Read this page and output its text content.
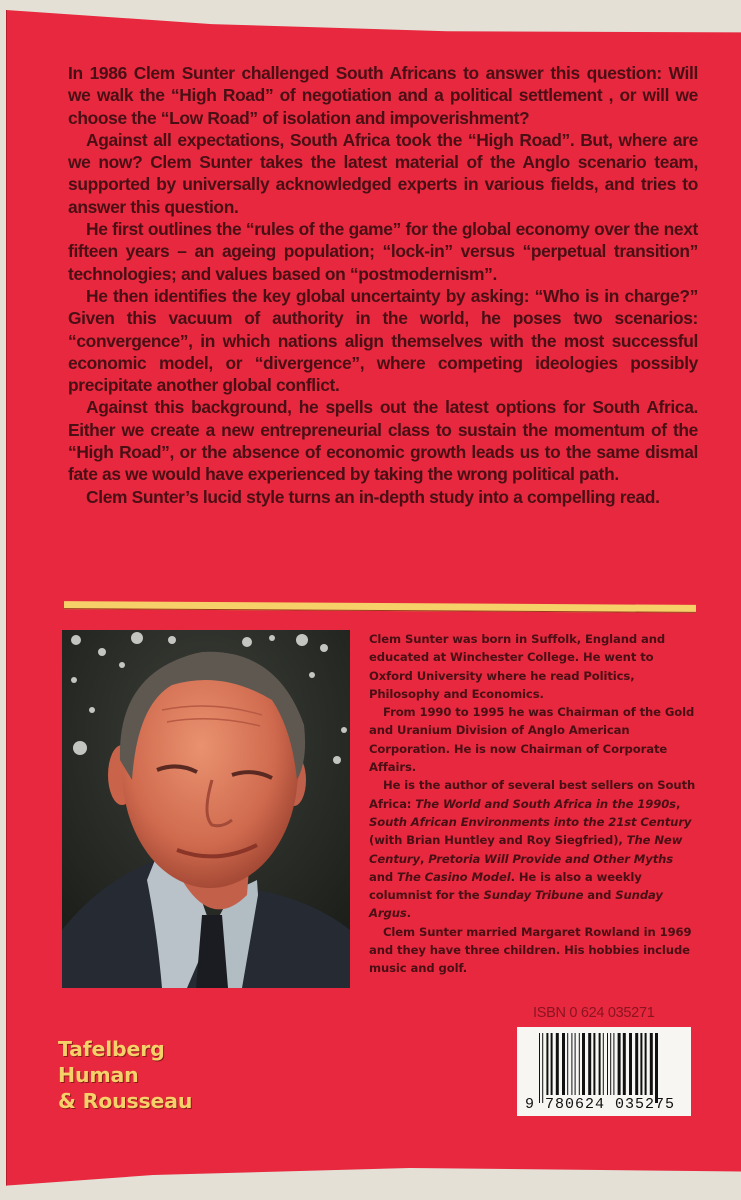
In 1986 Clem Sunter challenged South Africans to answer this question: Will we walk the “High Road” of negotiation and a political settlement , or will we choose the “Low Road” of isolation and impoverishment?

Against all expectations, South Africa took the “High Road”. But, where are we now? Clem Sunter takes the latest material of the Anglo scenario team, supported by universally acknowledged experts in various fields, and tries to answer this question.

He first outlines the “rules of the game” for the global economy over the next fifteen years – an ageing population; “lock-in” versus “perpetual transition” technologies; and values based on “postmodernism”.

He then identifies the key global uncertainty by asking: “Who is in charge?” Given this vacuum of authority in the world, he poses two scenarios: “convergence”, in which nations align themselves with the most successful economic model, or “divergence”, where competing ideologies possibly precipitate another global conflict.

Against this background, he spells out the latest options for South Africa. Either we create a new entrepreneurial class to sustain the momentum of the “High Road”, or the absence of economic growth leads us to the same dismal fate as we would have experienced by taking the wrong political path.

Clem Sunter’s lucid style turns an in-depth study into a compelling read.

Clem Sunter was born in Suffolk, England and educated at Winchester College. He went to Oxford University where he read Politics, Philosophy and Economics.

From 1990 to 1995 he was Chairman of the Gold and Uranium Division of Anglo American Corporation. He is now Chairman of Corporate Affairs.

He is the author of several best sellers on South Africa: The World and South Africa in the 1990s, South African Environments into the 21st Century (with Brian Huntley and Roy Siegfried), The New Century, Pretoria Will Provide and Other Myths and The Casino Model. He is also a weekly columnist for the Sunday Tribune and Sunday Argus.

Clem Sunter married Margaret Rowland in 1969 and they have three children. His hobbies include music and golf.

ISBN 0 624 035271
9 780624 035275
Tafelberg
Human
& Rousseau
